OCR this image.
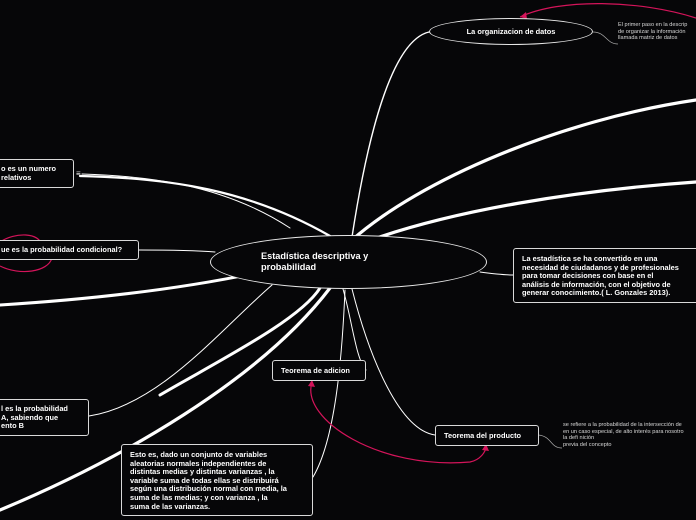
Estadística descriptiva y probabilidad
La organizacion de datos
El primer paso en la descrip
de organizar la información
llamada matriz de datos
o es un numero
relativos	≡
ue es la probabilidad condicional?
La estadística se ha convertido en una
necesidad de ciudadanos y de profesionales
para tomar decisiones con base en el
análisis de información, con el objetivo de
generar conocimiento.( L. Gonzales 2013).
Teorema de adicion
Teorema del producto
se refiere a la probabilidad de la intersección de
en un caso especial, de alto interés para nosotro
la defi nición
previa del concepto
l es la probabilidad
A, sabiendo que
ento B
Esto es, dado un conjunto de variables
aleatorias normales independientes de
distintas medias y distintas varianzas , la
variable suma de todas ellas se distribuirá
según una distribución normal con media, la
suma de las medias; y con varianza , la
suma de las varianzas.
